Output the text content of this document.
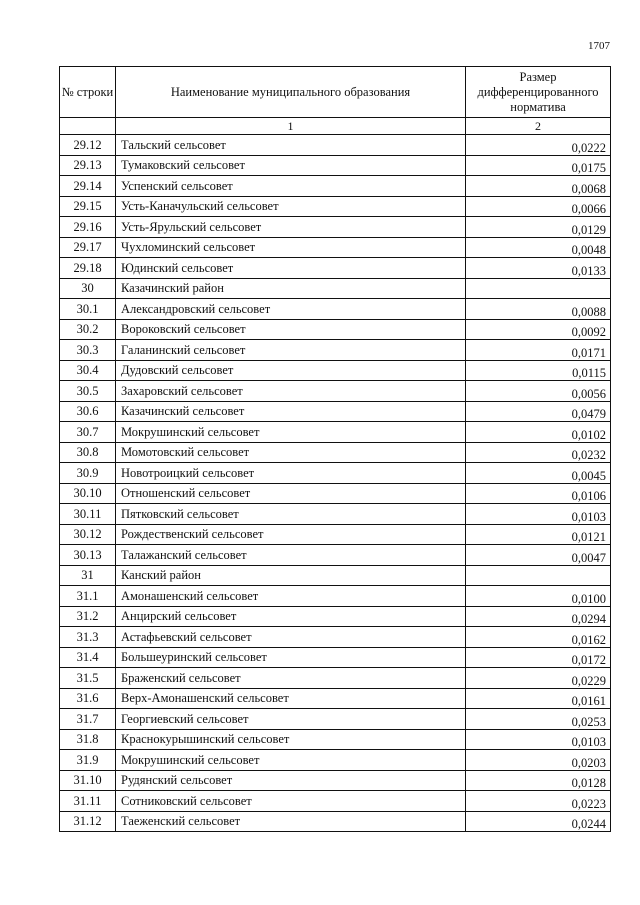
1707
№ строки	Наименование муниципального образования	Размер дифференцированного норматива
	1	2
29.12	Тальский сельсовет	0,0222
29.13	Тумаковский сельсовет	0,0175
29.14	Успенский сельсовет	0,0068
29.15	Усть-Каначульский сельсовет	0,0066
29.16	Усть-Ярульский сельсовет	0,0129
29.17	Чухломинский сельсовет	0,0048
29.18	Юдинский сельсовет	0,0133
30	Казачинский район	
30.1	Александровский сельсовет	0,0088
30.2	Вороковский сельсовет	0,0092
30.3	Галанинский сельсовет	0,0171
30.4	Дудовский сельсовет	0,0115
30.5	Захаровский сельсовет	0,0056
30.6	Казачинский сельсовет	0,0479
30.7	Мокрушинский сельсовет	0,0102
30.8	Момотовский сельсовет	0,0232
30.9	Новотроицкий сельсовет	0,0045
30.10	Отношенский сельсовет	0,0106
30.11	Пятковский сельсовет	0,0103
30.12	Рождественский сельсовет	0,0121
30.13	Талажанский сельсовет	0,0047
31	Канский район	
31.1	Амонашенский сельсовет	0,0100
31.2	Анцирский сельсовет	0,0294
31.3	Астафьевский сельсовет	0,0162
31.4	Большеуринский сельсовет	0,0172
31.5	Браженский сельсовет	0,0229
31.6	Верх-Амонашенский сельсовет	0,0161
31.7	Георгиевский сельсовет	0,0253
31.8	Краснокурышинский сельсовет	0,0103
31.9	Мокрушинский сельсовет	0,0203
31.10	Рудянский сельсовет	0,0128
31.11	Сотниковский сельсовет	0,0223
31.12	Таеженский сельсовет	0,0244
